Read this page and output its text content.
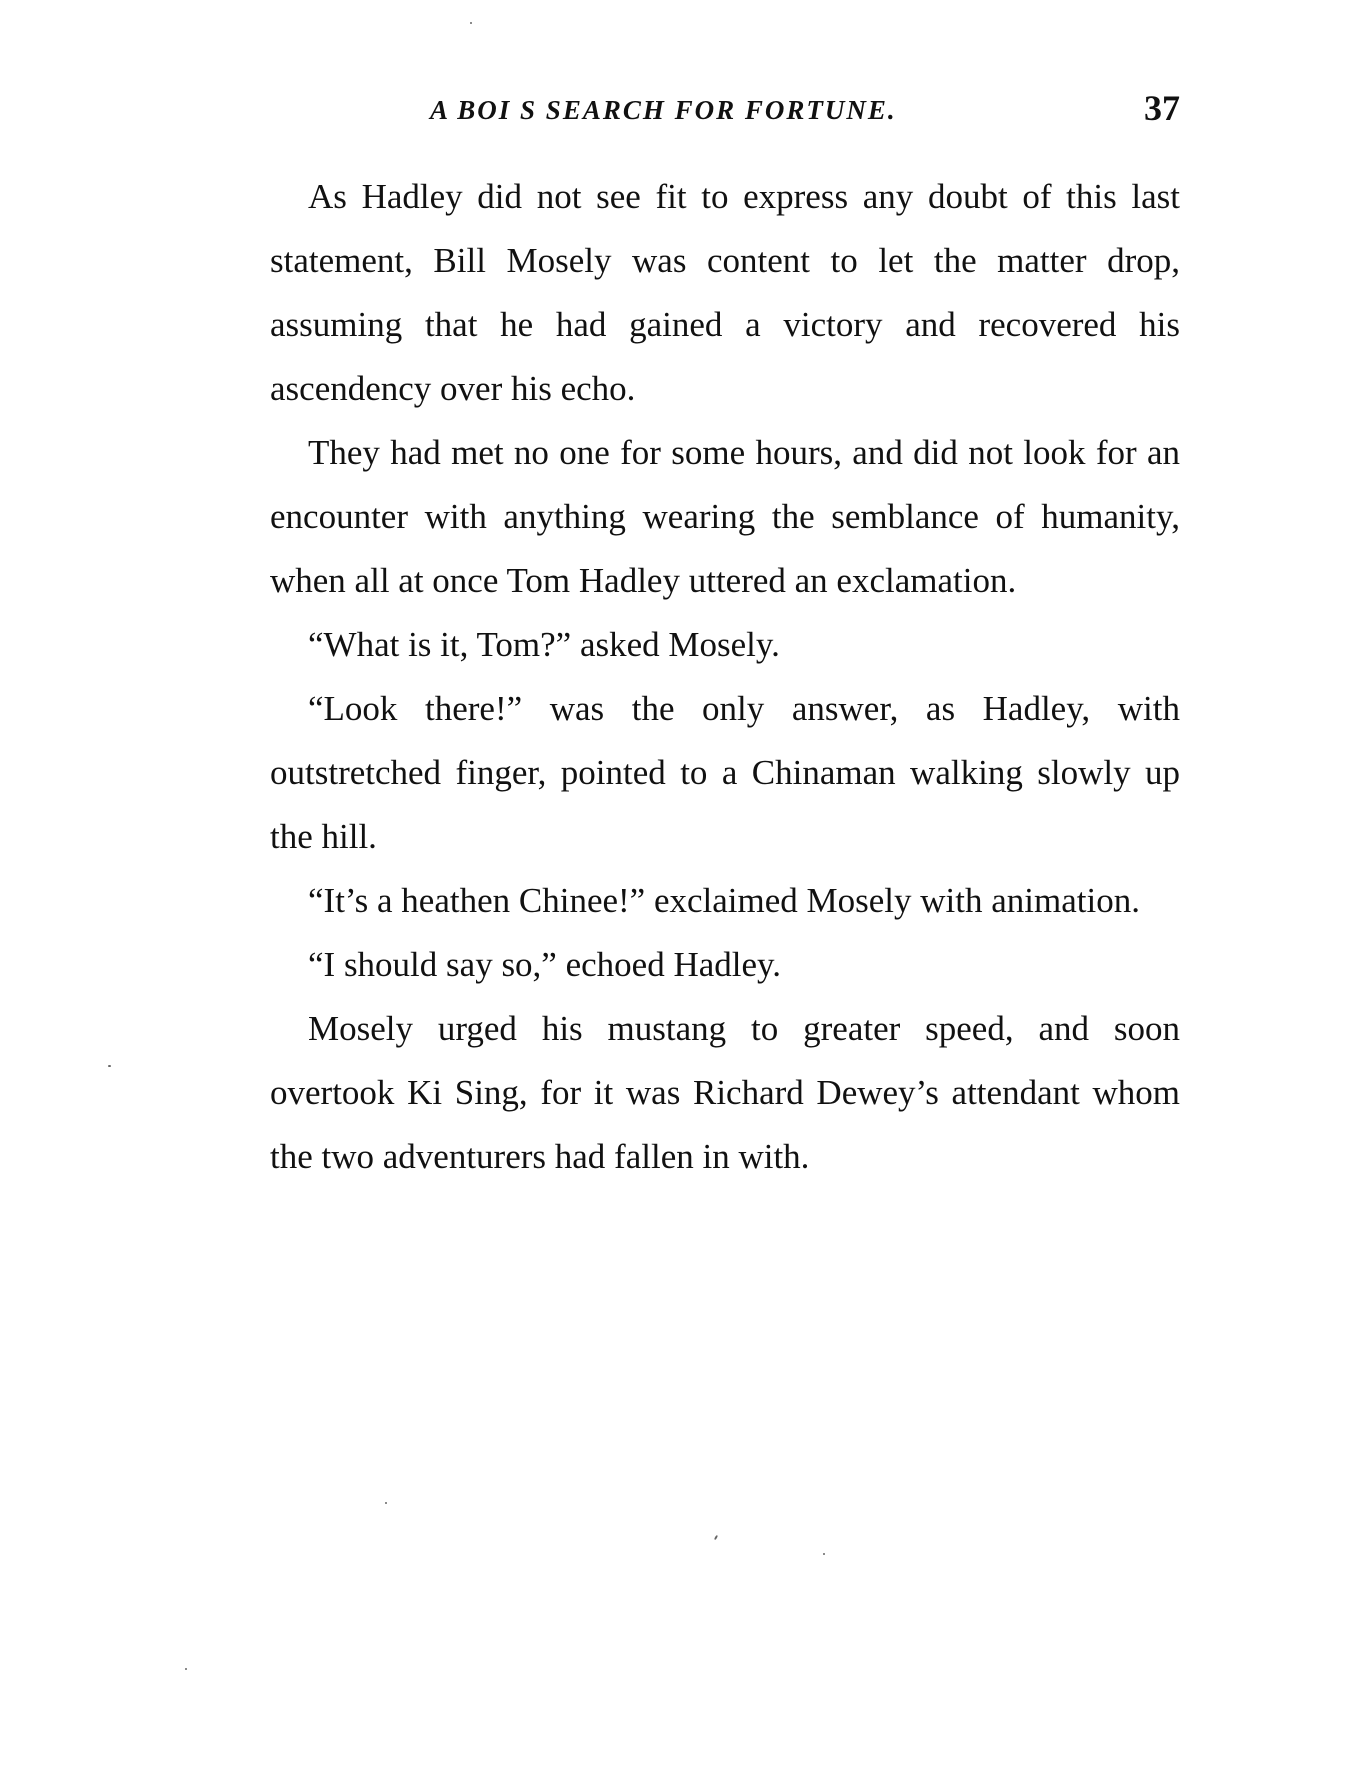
A BOI S SEARCH FOR FORTUNE.	37

As Hadley did not see fit to express any doubt of this last statement, Bill Mosely was content to let the matter drop, assuming that he had gained a victory and recovered his ascendency over his echo.

They had met no one for some hours, and did not look for an encounter with anything wearing the semblance of humanity, when all at once Tom Hadley uttered an exclamation.

“What is it, Tom?” asked Mosely.

“Look there!” was the only answer, as Hadley, with outstretched finger, pointed to a Chinaman walking slowly up the hill.

“It’s a heathen Chinee!” exclaimed Mosely with animation.

“I should say so,” echoed Hadley.

Mosely urged his mustang to greater speed, and soon overtook Ki Sing, for it was Richard Dewey’s attendant whom the two adventurers had fallen in with.
